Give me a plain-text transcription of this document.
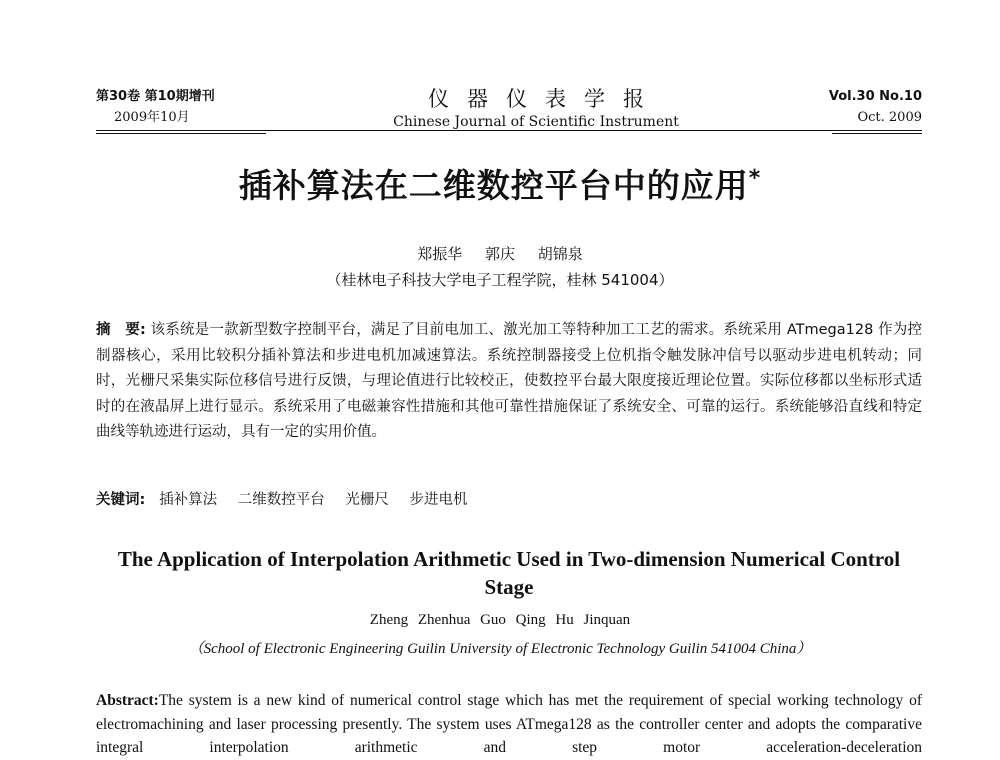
第30卷 第10期增刊
2009年10月
仪器仪表学报
Chinese Journal of Scientific Instrument
Vol.30 No.10
Oct. 2009
插补算法在二维数控平台中的应用*
郑振华 郭庆 胡锦泉
（桂林电子科技大学电子工程学院，桂林 541004）
摘　要: 该系统是一款新型数字控制平台，满足了目前电加工、激光加工等特种加工工艺的需求。系统采用 ATmega128 作为控制器核心，采用比较积分插补算法和步进电机加减速算法。系统控制器接受上位机指令触发脉冲信号以驱动步进电机转动；同时，光栅尺采集实际位移信号进行反馈，与理论值进行比较校正，使数控平台最大限度接近理论位置。实际位移都以坐标形式适时的在液晶屏上进行显示。系统采用了电磁兼容性措施和其他可靠性措施保证了系统安全、可靠的运行。系统能够沿直线和特定曲线等轨迹进行运动，具有一定的实用价值。
关键词: 插补算法 二维数控平台 光栅尺 步进电机
The Application of Interpolation Arithmetic Used in Two-dimension Numerical Control Stage
Zheng Zhenhua Guo Qing Hu Jinquan
（School of Electronic Engineering Guilin University of Electronic Technology Guilin 541004 China）
Abstract:The system is a new kind of numerical control stage which has met the requirement of special working technology of electromachining and laser processing presently. The system uses ATmega128 as the controller center and adopts the comparative integral interpolation arithmetic and step motor acceleration-deceleration
